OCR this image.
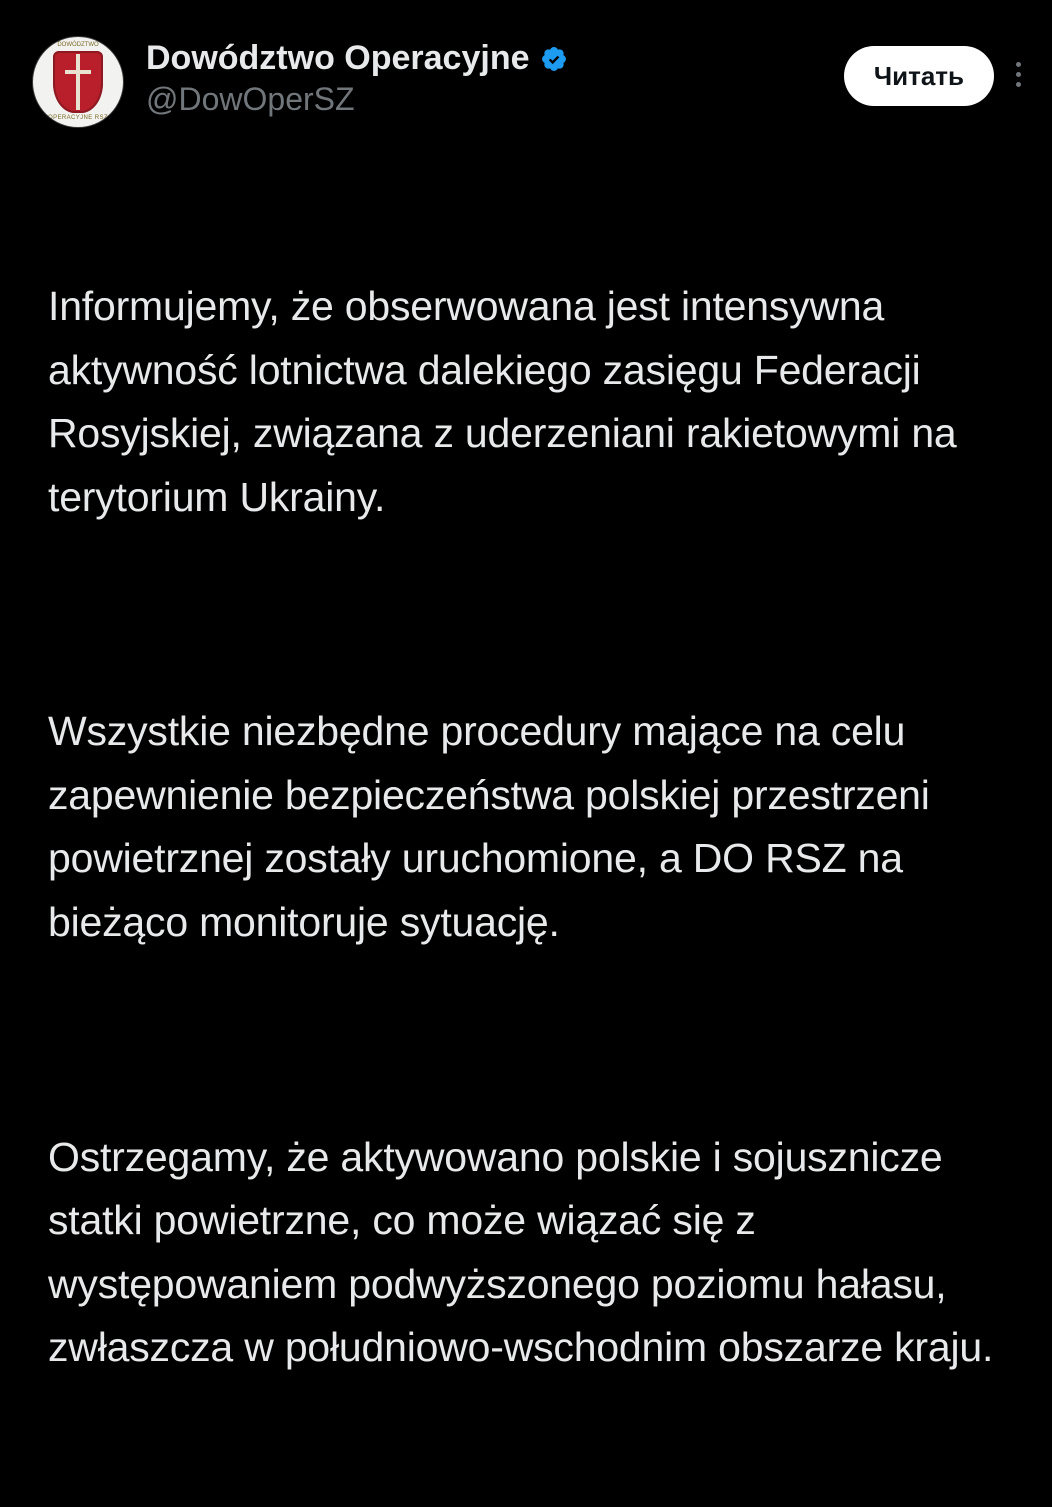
DOWÓDZTWO
OPERACYJNE RSZ
Dowództwo Operacyjne
@DowOperSZ
Читать

Informujemy, że obserwowana jest intensywna aktywność lotnictwa dalekiego zasięgu Federacji Rosyjskiej, związana z uderzeniani rakietowymi na terytorium Ukrainy.

Wszystkie niezbędne procedury mające na celu zapewnienie bezpieczeństwa polskiej przestrzeni powietrznej zostały uruchomione, a DO RSZ na bieżąco monitoruje sytuację.

Ostrzegamy, że aktywowano polskie i sojusznicze statki powietrzne, co może wiązać się z występowaniem podwyższonego poziomu hałasu, zwłaszcza w południowo-wschodnim obszarze kraju.
